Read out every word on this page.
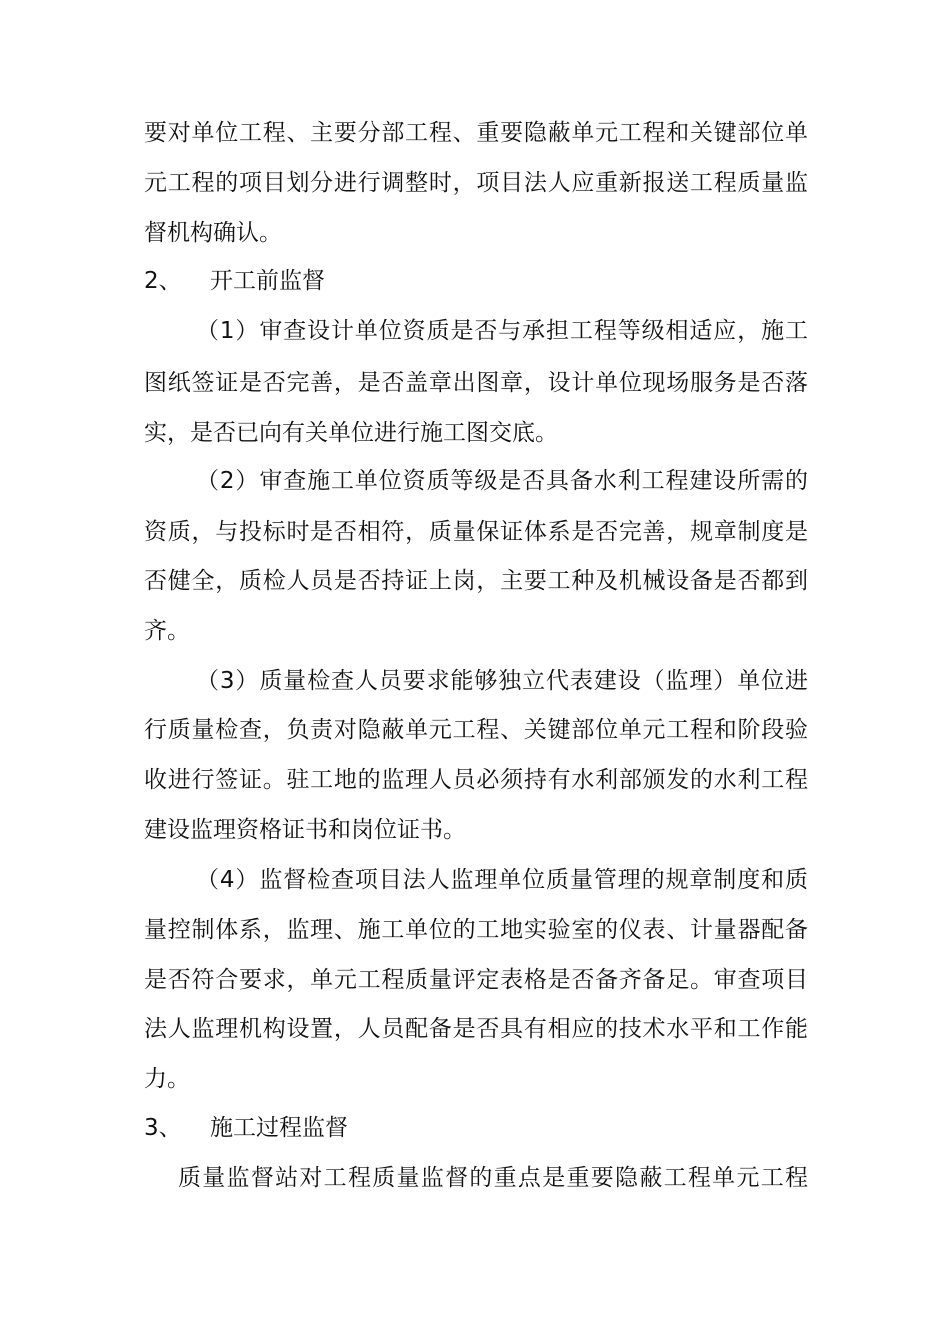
要对单位工程、主要分部工程、重要隐蔽单元工程和关键部位单
元工程的项目划分进行调整时，项目法人应重新报送工程质量监
督机构确认。
2、 开工前监督
（1）审查设计单位资质是否与承担工程等级相适应，施工
图纸签证是否完善，是否盖章出图章，设计单位现场服务是否落
实，是否已向有关单位进行施工图交底。
（2）审查施工单位资质等级是否具备水利工程建设所需的
资质，与投标时是否相符，质量保证体系是否完善，规章制度是
否健全，质检人员是否持证上岗，主要工种及机械设备是否都到
齐。
（3）质量检查人员要求能够独立代表建设（监理）单位进
行质量检查，负责对隐蔽单元工程、关键部位单元工程和阶段验
收进行签证。驻工地的监理人员必须持有水利部颁发的水利工程
建设监理资格证书和岗位证书。
（4）监督检查项目法人监理单位质量管理的规章制度和质
量控制体系，监理、施工单位的工地实验室的仪表、计量器配备
是否符合要求，单元工程质量评定表格是否备齐备足。审查项目
法人监理机构设置，人员配备是否具有相应的技术水平和工作能
力。
3、 施工过程监督
质量监督站对工程质量监督的重点是重要隐蔽工程单元工程
